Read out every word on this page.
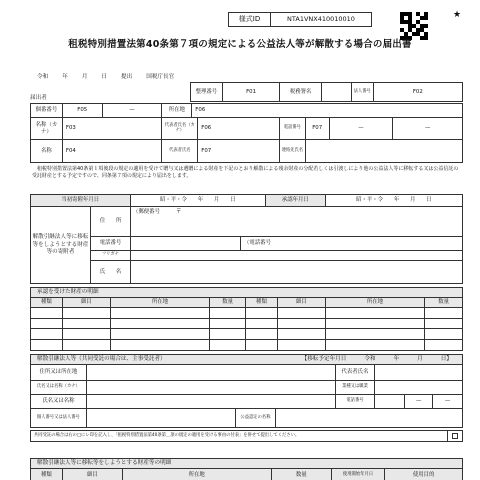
様式ID	NTA1VNX410010010	★
租税特別措置法第40条第７項の規定による公益法人等が解散する場合の届出書
令和	年	月	日	提出	国税庁長官
整理番号	F01	税務署名	法人番号	F02
届出者
個番番号	F05	—	所在地	F06
名称（カナ）
F03
代表者氏名（カナ）	F06	電話番号	F07	—	—
名称	F04	代表者氏名	F07	連絡先氏名
　租税特別措置法第40条第１項後段の規定の適用を受けて贈与又は遺贈による財産を下記のとおり解散による残余財産の分配若しくは引渡しにより他の公益法人等に移転する又は公益信託の受託財産とする予定ですので、同条第７項の規定により届出をします。
当初寄附年月日	昭・平・令　　年　　月　　日	承認年月日	昭・平・令　　年　　月　　日
解散引継法人等に移転等をしようとする財産等の寄附者
住　　所
（郵便番号　　　〒
電話番号	（電話番号
フリガナ
氏　　名
承認を受けた財産の明細
種類	細目	所在地	数量	種類	細目	所在地	数量
解散引継法人等（共同受託の場合は、主事受託者）	【移転予定年月日	令和	年	月	日】
住所又は所在地	代表者氏名
氏名又は名称（カナ）	業種又は職業
氏名又は名称	電話番号	—	—
個人番号又は法人番号	公益認定の名称
共同受託の場合は右の□にレ印を記入し、「租税特別措置法第40条第＿項の規定の適用を受ける事由の付表」を併せて提出してください。
解散引継法人等に移転等をしようとする財産等の明細
種類	細目	所在地	数量	使用開始年月日	使用目的
